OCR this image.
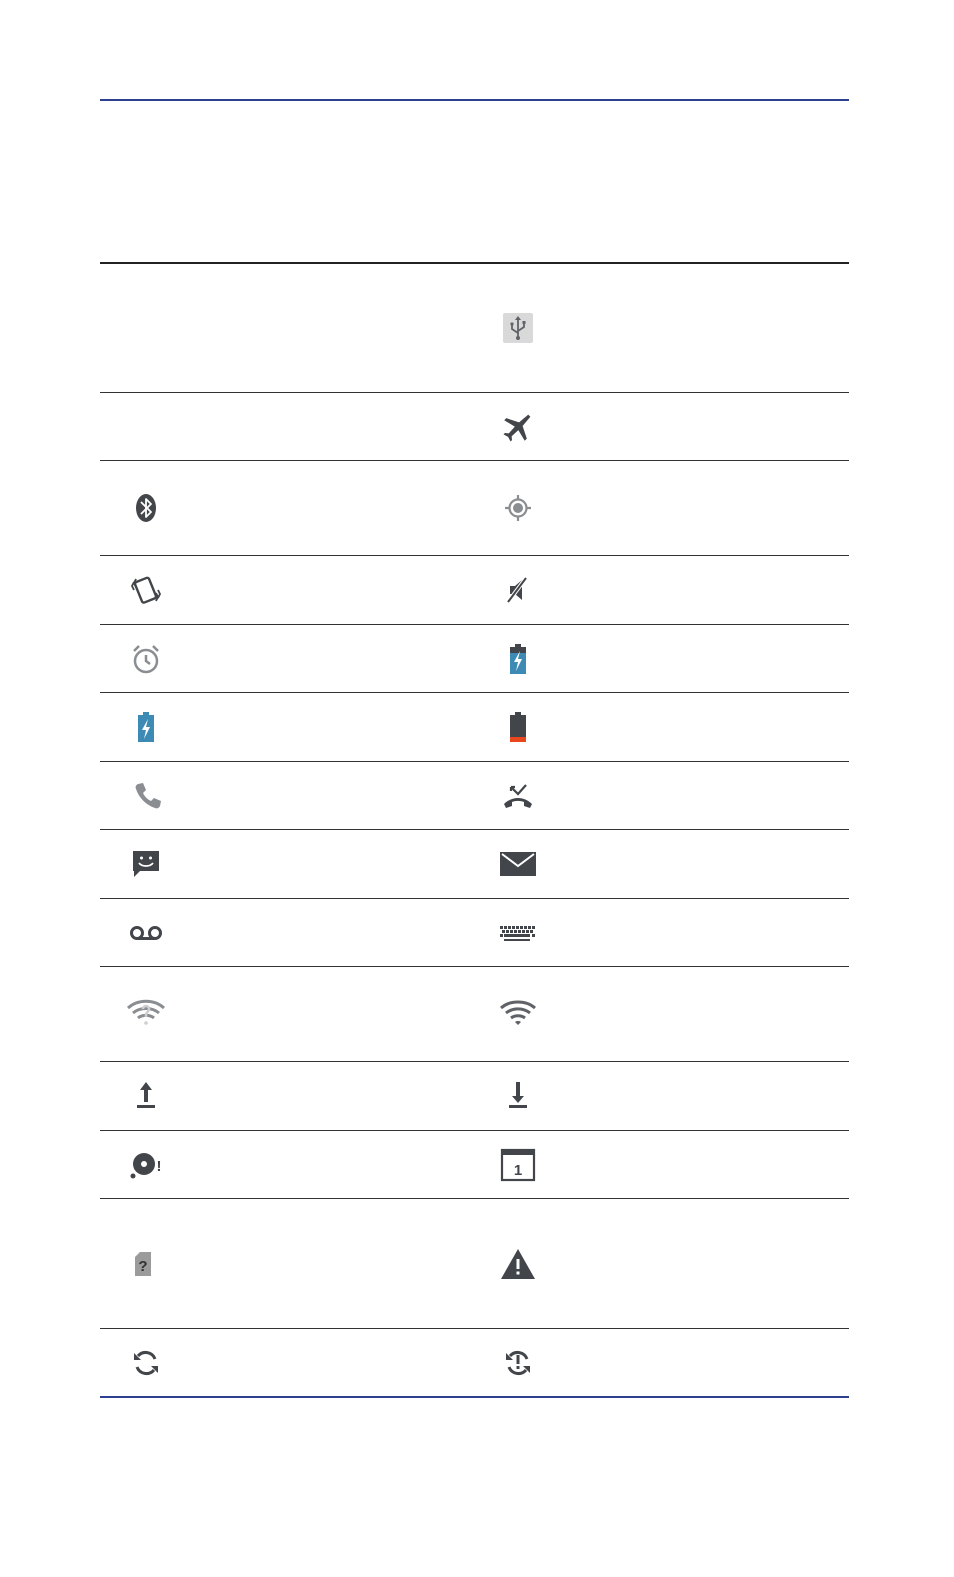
!	1
?
